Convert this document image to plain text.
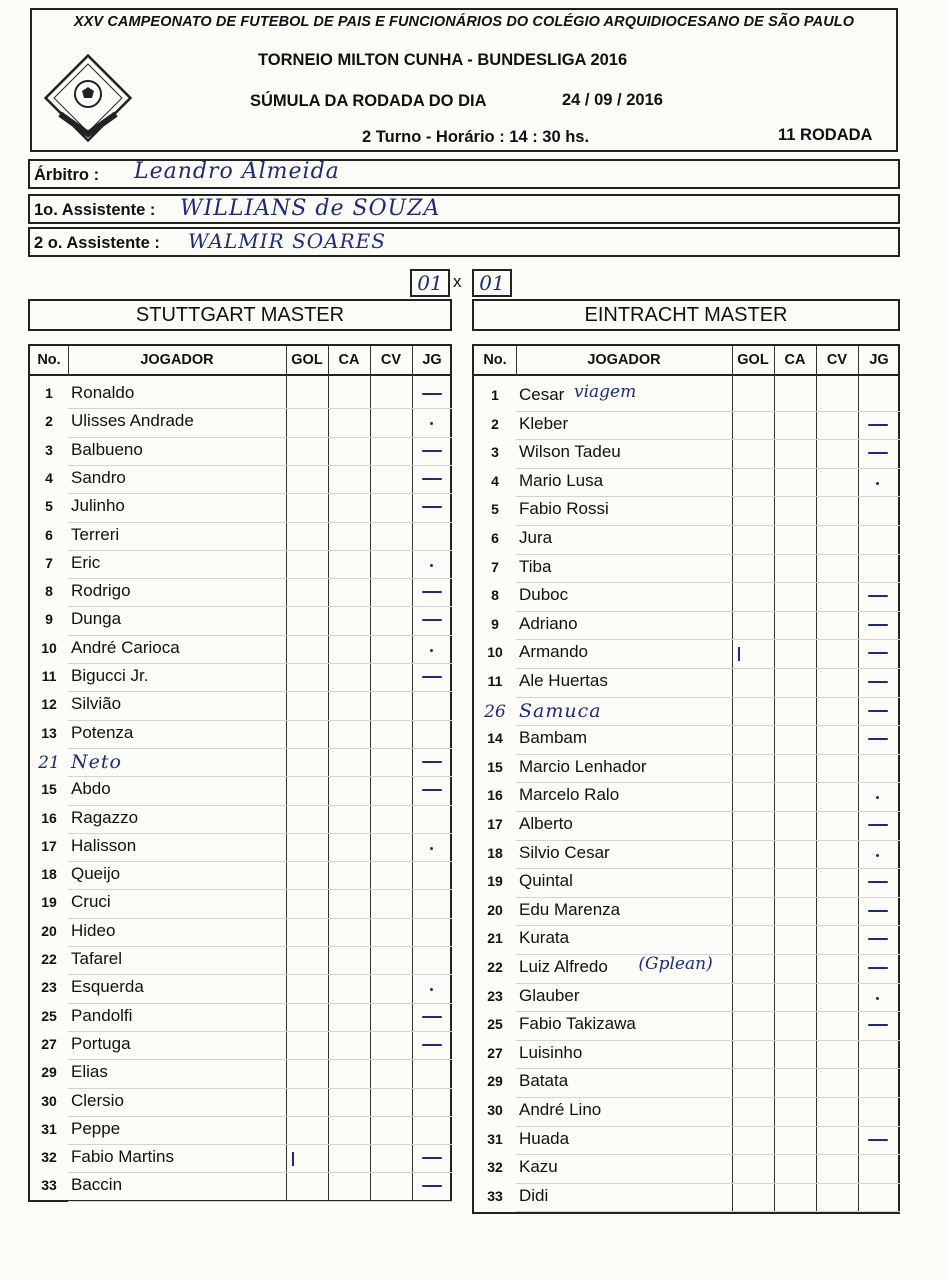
XXV CAMPEONATO DE FUTEBOL DE PAIS E FUNCIONÁRIOS DO COLÉGIO ARQUIDIOCESANO DE SÃO PAULO
TORNEIO MILTON CUNHA - BUNDESLIGA 2016
SÚMULA DA RODADA DO DIA	24 / 09 / 2016
2 Turno - Horário : 14 : 30 hs.	11 RODADA
Árbitro : Leandro Almeida
1o. Assistente : WILLIANS de SOUZA
2 o. Assistente : WALMIR SOARES
01 x 01
STUTTGART MASTER	EINTRACHT MASTER
No.	JOGADOR	GOL	CA	CV	JG
1	Ronaldo
2	Ulisses Andrade
3	Balbueno
4	Sandro
5	Julinho
6	Terreri
7	Eric
8	Rodrigo
9	Dunga
10 André Carioca
11 Bigucci Jr.
12 Silvião
13 Potenza
21 Neto
15 Abdo
16 Ragazzo
17 Halisson
18 Queijo
19 Cruci
20 Hideo
22 Tafarel
23 Esquerda
25 Pandolfi
27 Portuga
29 Elias
30 Clersio
31 Peppe
32 Fabio Martins
33 Baccin
No.	JOGADOR	GOL	CA	CV	JG
1	Cesar viagem
2	Kleber
3	Wilson Tadeu
4	Mario Lusa
5	Fabio Rossi
6	Jura
7	Tiba
8	Duboc
9	Adriano
10 Armando
11 Ale Huertas
26 Samuca
14 Bambam
15 Marcio Lenhador
16 Marcelo Ralo
17 Alberto
18 Silvio Cesar
19 Quintal
20 Edu Marenza
21 Kurata
22 Luiz Alfredo (Gplean)
23 Glauber
25 Fabio Takizawa
27 Luisinho
29 Batata
30 André Lino
31 Huada
32 Kazu
33 Didi
